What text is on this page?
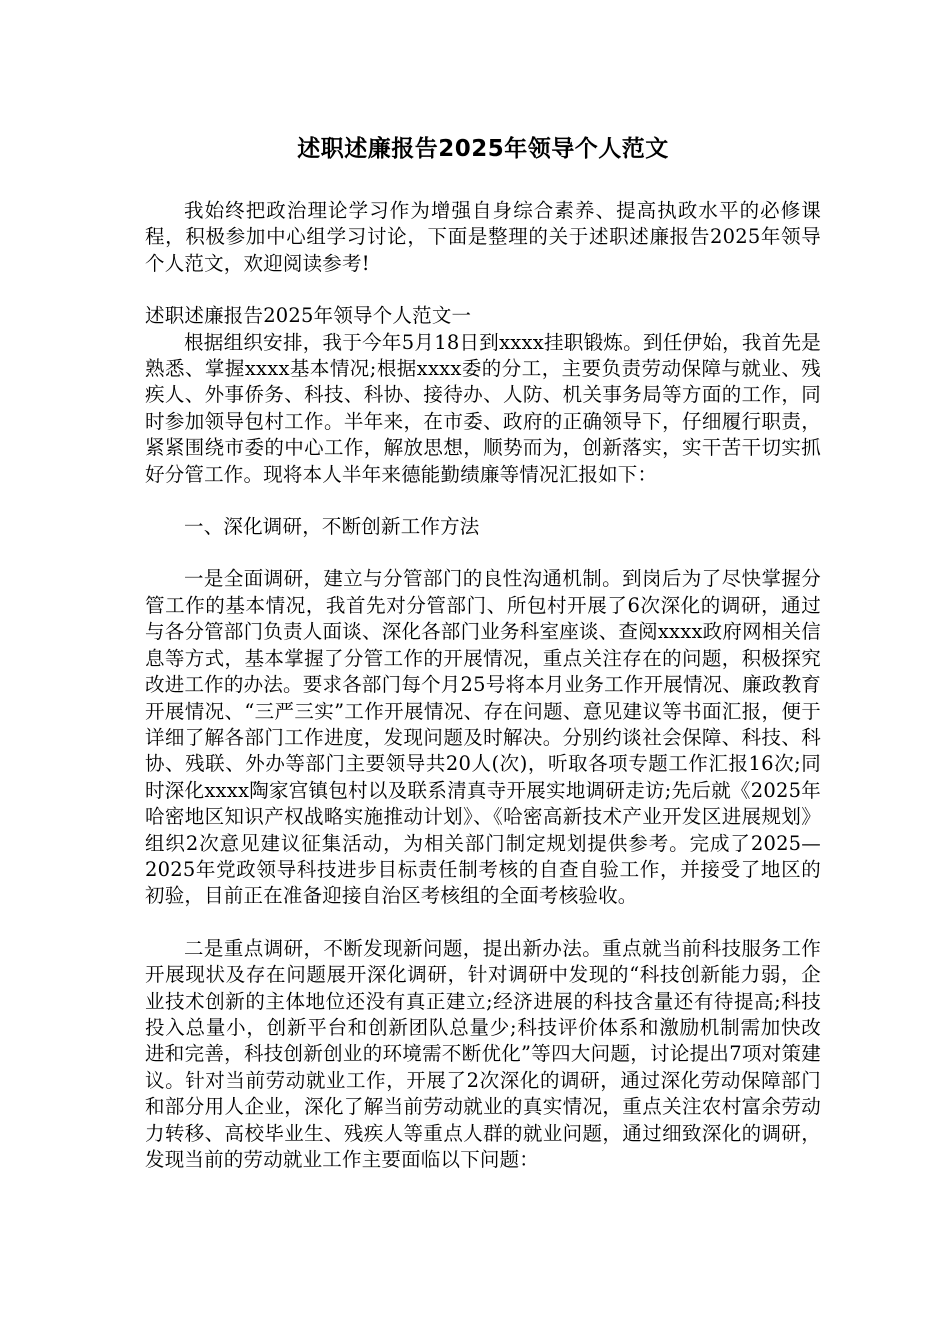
述职述廉报告2025年领导个人范文

我始终把政治理论学习作为增强自身综合素养、提高执政水平的必修课程，积极参加中心组学习讨论，下面是整理的关于述职述廉报告2025年领导个人范文，欢迎阅读参考!

述职述廉报告2025年领导个人范文一

根据组织安排，我于今年5月18日到xxxx挂职锻炼。到任伊始，我首先是熟悉、掌握xxxx基本情况;根据xxxx委的分工，主要负责劳动保障与就业、残疾人、外事侨务、科技、科协、接待办、人防、机关事务局等方面的工作，同时参加领导包村工作。半年来，在市委、政府的正确领导下，仔细履行职责，紧紧围绕市委的中心工作，解放思想，顺势而为，创新落实，实干苦干切实抓好分管工作。现将本人半年来德能勤绩廉等情况汇报如下：

一、深化调研，不断创新工作方法

一是全面调研，建立与分管部门的良性沟通机制。到岗后为了尽快掌握分管工作的基本情况，我首先对分管部门、所包村开展了6次深化的调研，通过与各分管部门负责人面谈、深化各部门业务科室座谈、查阅xxxx政府网相关信息等方式，基本掌握了分管工作的开展情况，重点关注存在的问题，积极探究改进工作的办法。要求各部门每个月25号将本月业务工作开展情况、廉政教育开展情况、“三严三实”工作开展情况、存在问题、意见建议等书面汇报，便于详细了解各部门工作进度，发现问题及时解决。分别约谈社会保障、科技、科协、残联、外办等部门主要领导共20人(次)，听取各项专题工作汇报16次;同时深化xxxx陶家宫镇包村以及联系清真寺开展实地调研走访;先后就《2025年哈密地区知识产权战略实施推动计划》、《哈密高新技术产业开发区进展规划》组织2次意见建议征集活动，为相关部门制定规划提供参考。完成了2025—2025年党政领导科技进步目标责任制考核的自查自验工作，并接受了地区的初验，目前正在准备迎接自治区考核组的全面考核验收。

二是重点调研，不断发现新问题，提出新办法。重点就当前科技服务工作开展现状及存在问题展开深化调研，针对调研中发现的“科技创新能力弱，企业技术创新的主体地位还没有真正建立;经济进展的科技含量还有待提高;科技投入总量小，创新平台和创新团队总量少;科技评价体系和激励机制需加快改进和完善，科技创新创业的环境需不断优化”等四大问题，讨论提出7项对策建议。针对当前劳动就业工作，开展了2次深化的调研，通过深化劳动保障部门和部分用人企业，深化了解当前劳动就业的真实情况，重点关注农村富余劳动力转移、高校毕业生、残疾人等重点人群的就业问题，通过细致深化的调研，发现当前的劳动就业工作主要面临以下问题：
